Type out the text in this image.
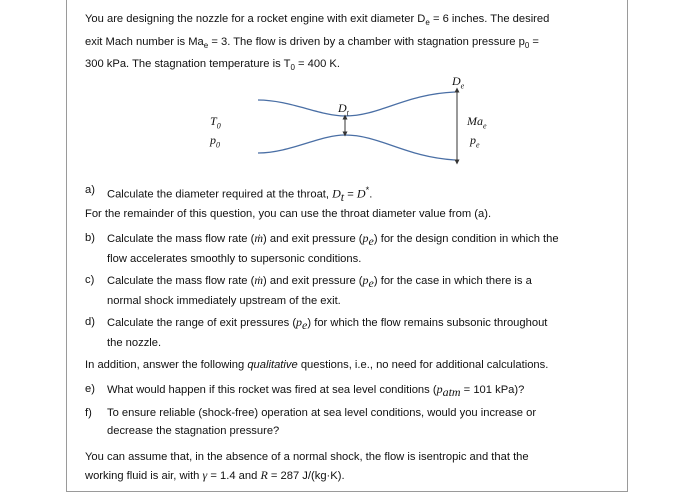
You are designing the nozzle for a rocket engine with exit diameter $D_e = 6$ inches. The desired
exit Mach number is $Ma_e = 3$. The flow is driven by a chamber with stagnation pressure $p_0$ =
300 kPa. The stagnation temperature is $T_0 = 400$ K.
$D_e$
$D_t$
$T_0$
$p_0$
$Ma_e$
$p_e$
a) Calculate the diameter required at the throat, $D_t = D^*$.
For the remainder of this question, you can use the throat diameter value from (a).
b) Calculate the mass flow rate (ṁ) and exit pressure $(p_e)$ for the design condition in which the
flow accelerates smoothly to supersonic conditions.
c) Calculate the mass flow rate (ṁ) and exit pressure $(p_e)$ for the case in which there is a
normal shock immediately upstream of the exit.
d) Calculate the range of exit pressures $(p_e)$ for which the flow remains subsonic throughout
the nozzle.
In addition, answer the following qualitative questions, i.e., no need for additional calculations.
e) What would happen if this rocket was fired at sea level conditions ($p_{atm} = 101$ kPa)?
f) To ensure reliable (shock-free) operation at sea level conditions, would you increase or
decrease the stagnation pressure?
You can assume that, in the absence of a normal shock, the flow is isentropic and that the
working fluid is air, with γ = 1.4 and R = 287 J/(kg·K).
